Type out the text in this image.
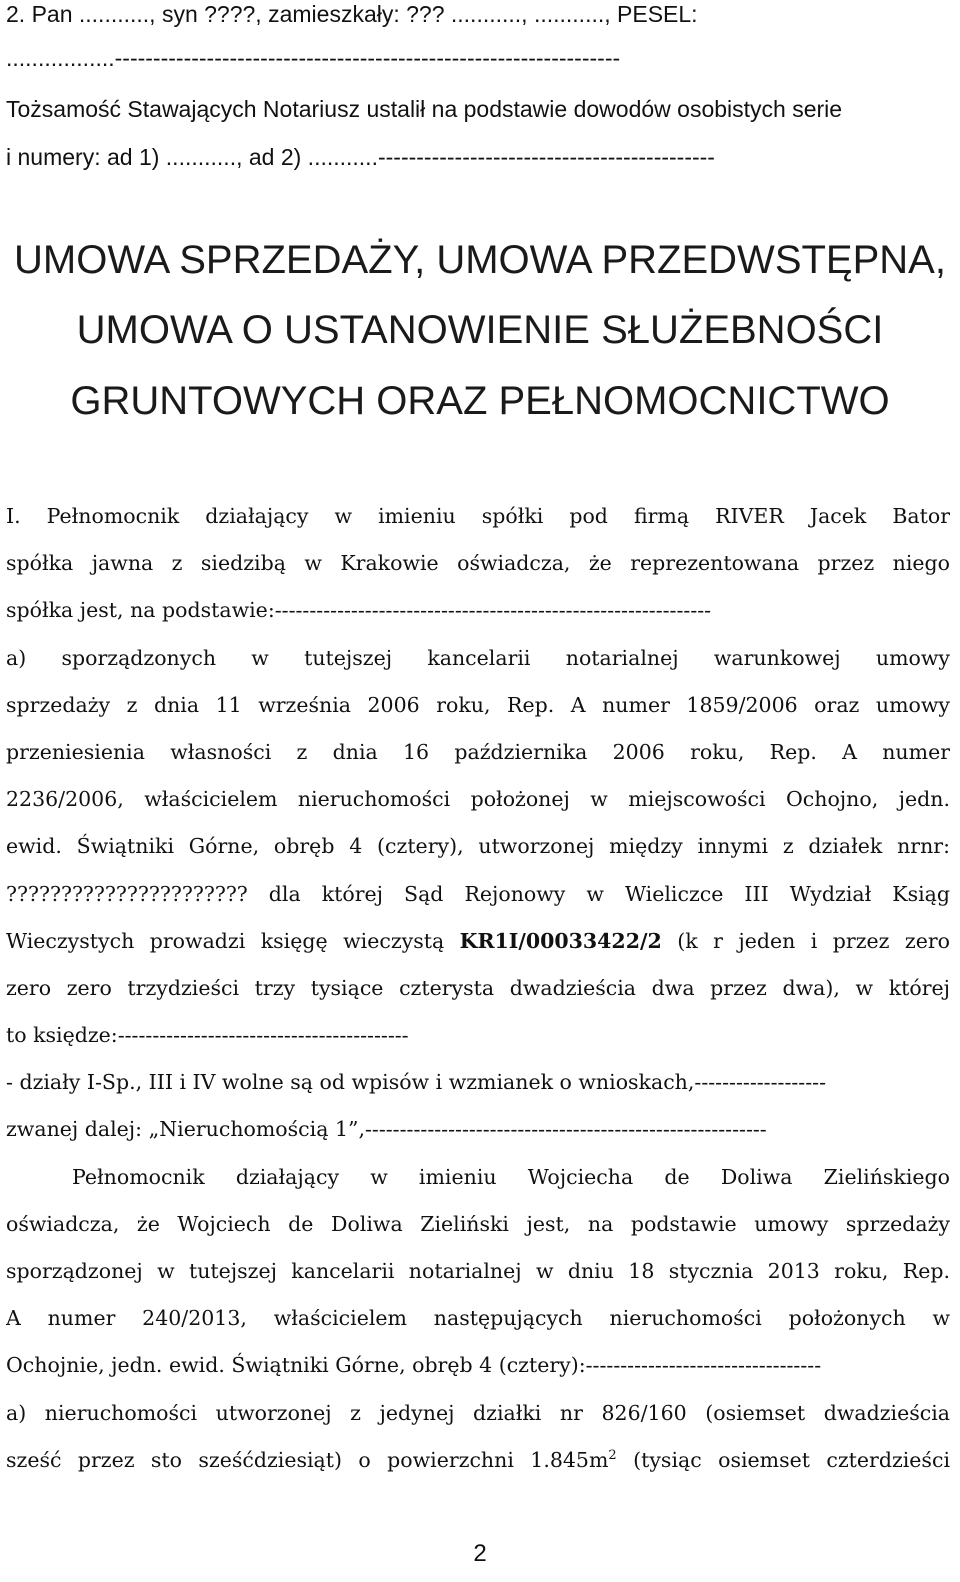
2. Pan ..........., syn ????, zamieszkały: ??? ..........., ..........., PESEL:
.................------------------------------------------------------------------
Tożsamość Stawających Notariusz ustalił na podstawie dowodów osobistych serie
i numery: ad 1) ..........., ad 2) ...........--------------------------------------------
UMOWA SPRZEDAŻY, UMOWA PRZEDWSTĘPNA,
UMOWA O USTANOWIENIE SŁUŻEBNOŚCI
GRUNTOWYCH ORAZ PEŁNOMOCNICTWO
I. Pełnomocnik działający w imieniu spółki pod firmą RIVER Jacek Bator
spółka jawna z siedzibą w Krakowie oświadcza, że reprezentowana przez niego
spółka jest, na podstawie:---------------------------------------------------------------
a) sporządzonych w tutejszej kancelarii notarialnej warunkowej umowy
sprzedaży z dnia 11 września 2006 roku, Rep. A numer 1859/2006 oraz umowy
przeniesienia własności z dnia 16 października 2006 roku, Rep. A numer
2236/2006, właścicielem nieruchomości położonej w miejscowości Ochojno, jedn.
ewid. Świątniki Górne, obręb 4 (cztery), utworzonej między innymi z działek nrnr:
?????????????????????? dla której Sąd Rejonowy w Wieliczce III Wydział Ksiąg
Wieczystych prowadzi księgę wieczystą KR1I/00033422/2 (k r jeden i przez zero
zero zero trzydzieści trzy tysiące czterysta dwadzieścia dwa przez dwa), w której
to księdze:------------------------------------------
- działy I-Sp., III i IV wolne są od wpisów i wzmianek o wnioskach,-------------------
zwanej dalej: „Nieruchomością 1”,----------------------------------------------------------
Pełnomocnik działający w imieniu Wojciecha de Doliwa Zielińskiego
oświadcza, że Wojciech de Doliwa Zieliński jest, na podstawie umowy sprzedaży
sporządzonej w tutejszej kancelarii notarialnej w dniu 18 stycznia 2013 roku, Rep.
A numer 240/2013, właścicielem następujących nieruchomości położonych w
Ochojnie, jedn. ewid. Świątniki Górne, obręb 4 (cztery):----------------------------------
a) nieruchomości utworzonej z jedynej działki nr 826/160 (osiemset dwadzieścia
sześć przez sto sześćdziesiąt) o powierzchni $1.845m^2$ (tysiąc osiemset czterdzieści
2
